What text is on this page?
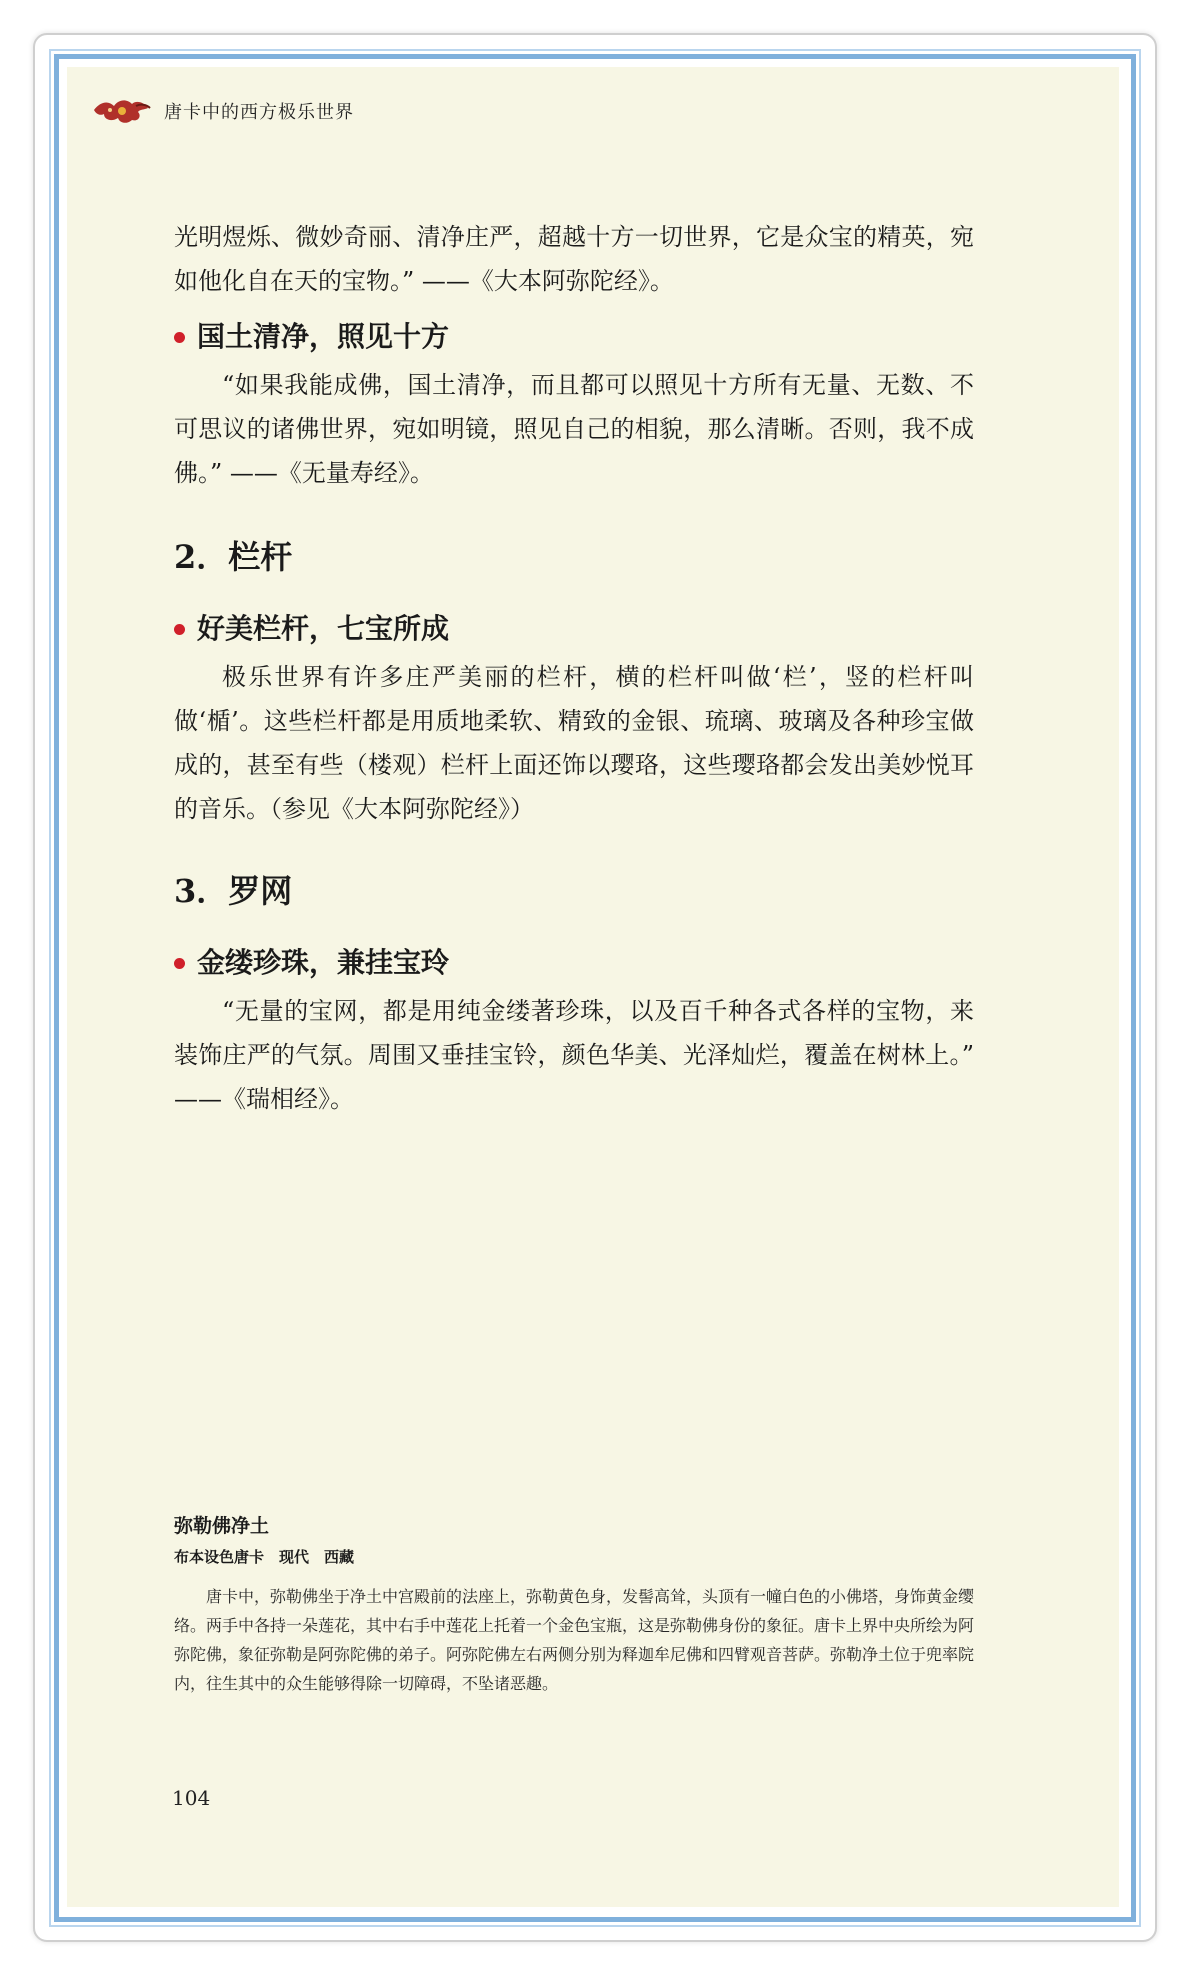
唐卡中的西方极乐世界

光明煜烁、微妙奇丽、清净庄严，超越十方一切世界，它是众宝的精英，宛如他化自在天的宝物。” ——《大本阿弥陀经》。

国土清净，照见十方

“如果我能成佛，国土清净，而且都可以照见十方所有无量、无数、不可思议的诸佛世界，宛如明镜，照见自己的相貌，那么清晰。否则，我不成佛。” ——《无量寿经》。

2．栏杆
好美栏杆，七宝所成

极乐世界有许多庄严美丽的栏杆，横的栏杆叫做‘栏’，竖的栏杆叫做‘楯’。这些栏杆都是用质地柔软、精致的金银、琉璃、玻璃及各种珍宝做成的，甚至有些（楼观）栏杆上面还饰以璎珞，这些璎珞都会发出美妙悦耳的音乐。（参见《大本阿弥陀经》）

3．罗网
金缕珍珠，兼挂宝玲

“无量的宝网，都是用纯金缕著珍珠，以及百千种各式各样的宝物，来装饰庄严的气氛。周围又垂挂宝铃，颜色华美、光泽灿烂，覆盖在树林上。” ——《瑞相经》。

弥勒佛净土

布本设色唐卡　现代　西藏

唐卡中，弥勒佛坐于净土中宫殿前的法座上，弥勒黄色身，发髻高耸，头顶有一幢白色的小佛塔，身饰黄金缨络。两手中各持一朵莲花，其中右手中莲花上托着一个金色宝瓶，这是弥勒佛身份的象征。唐卡上界中央所绘为阿弥陀佛，象征弥勒是阿弥陀佛的弟子。阿弥陀佛左右两侧分别为释迦牟尼佛和四臂观音菩萨。弥勒净土位于兜率院内，往生其中的众生能够得除一切障碍，不坠诸恶趣。

104
